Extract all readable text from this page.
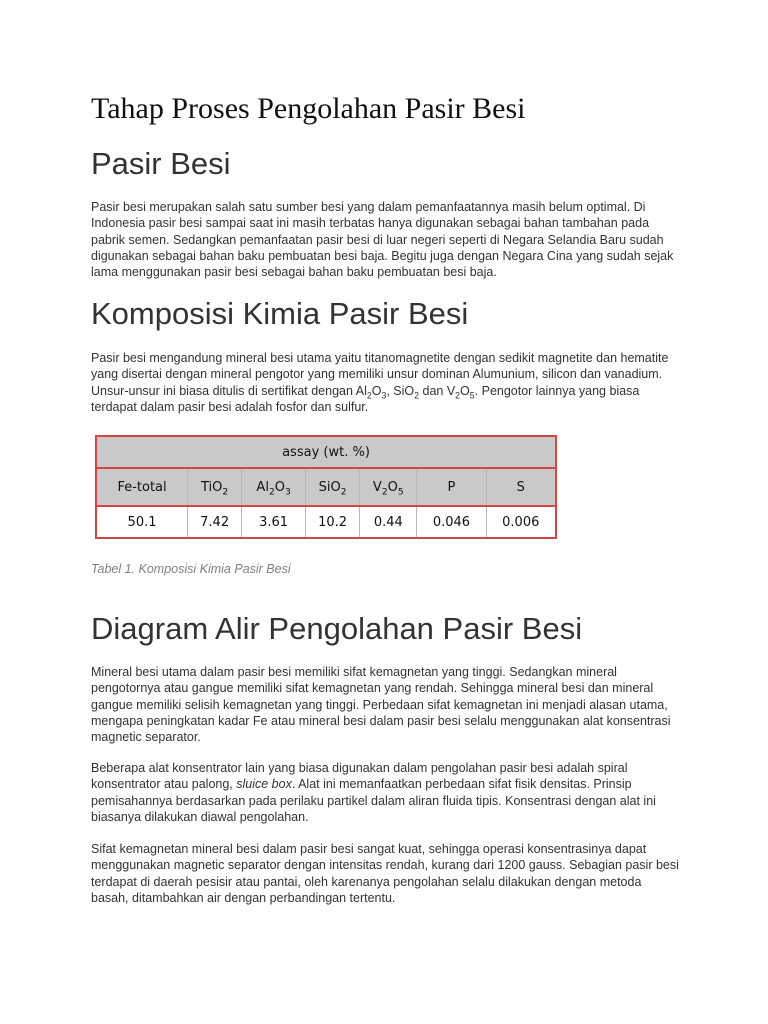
Tahap Proses Pengolahan Pasir Besi
Pasir Besi

Pasir besi merupakan salah satu sumber besi yang dalam pemanfaatannya masih belum optimal. Di Indonesia pasir besi sampai saat ini masih terbatas hanya digunakan sebagai bahan tambahan pada pabrik semen. Sedangkan pemanfaatan pasir besi di luar negeri seperti di Negara Selandia Baru sudah digunakan sebagai bahan baku pembuatan besi baja. Begitu juga dengan Negara Cina yang sudah sejak lama menggunakan pasir besi sebagai bahan baku pembuatan besi baja.

Komposisi Kimia Pasir Besi

Pasir besi mengandung mineral besi utama yaitu titanomagnetite dengan sedikit magnetite dan hematite yang disertai dengan mineral pengotor yang memiliki unsur dominan Alumunium, silicon dan vanadium. Unsur-unsur ini biasa ditulis di sertifikat dengan $Al_2O_3$, SiO$_2$ dan $V_2O_5$. Pengotor lainnya yang biasa terdapat dalam pasir besi adalah fosfor dan sulfur.

assay (wt. %)						
Fe-total	TiO$_2$	$Al_2O_3$	SiO$_2$	$V_2O_5$	P	S
50.1	7.42	3.61	10.2	0.44	0.046	0.006
Tabel 1. Komposisi Kimia Pasir Besi
Diagram Alir Pengolahan Pasir Besi

Mineral besi utama dalam pasir besi memiliki sifat kemagnetan yang tinggi. Sedangkan mineral pengotornya atau gangue memiliki sifat kemagnetan yang rendah. Sehingga mineral besi dan mineral gangue memiliki selisih kemagnetan yang tinggi. Perbedaan sifat kemagnetan ini menjadi alasan utama, mengapa peningkatan kadar Fe atau mineral besi dalam pasir besi selalu menggunakan alat konsentrasi magnetic separator.

Beberapa alat konsentrator lain yang biasa digunakan dalam pengolahan pasir besi adalah spiral konsentrator atau palong, sluice box. Alat ini memanfaatkan perbedaan sifat fisik densitas. Prinsip pemisahannya berdasarkan pada perilaku partikel dalam aliran fluida tipis. Konsentrasi dengan alat ini biasanya dilakukan diawal pengolahan.

Sifat kemagnetan mineral besi dalam pasir besi sangat kuat, sehingga operasi konsentrasinya dapat menggunakan magnetic separator dengan intensitas rendah, kurang dari 1200 gauss. Sebagian pasir besi terdapat di daerah pesisir atau pantai, oleh karenanya pengolahan selalu dilakukan dengan metoda basah, ditambahkan air dengan perbandingan tertentu.
